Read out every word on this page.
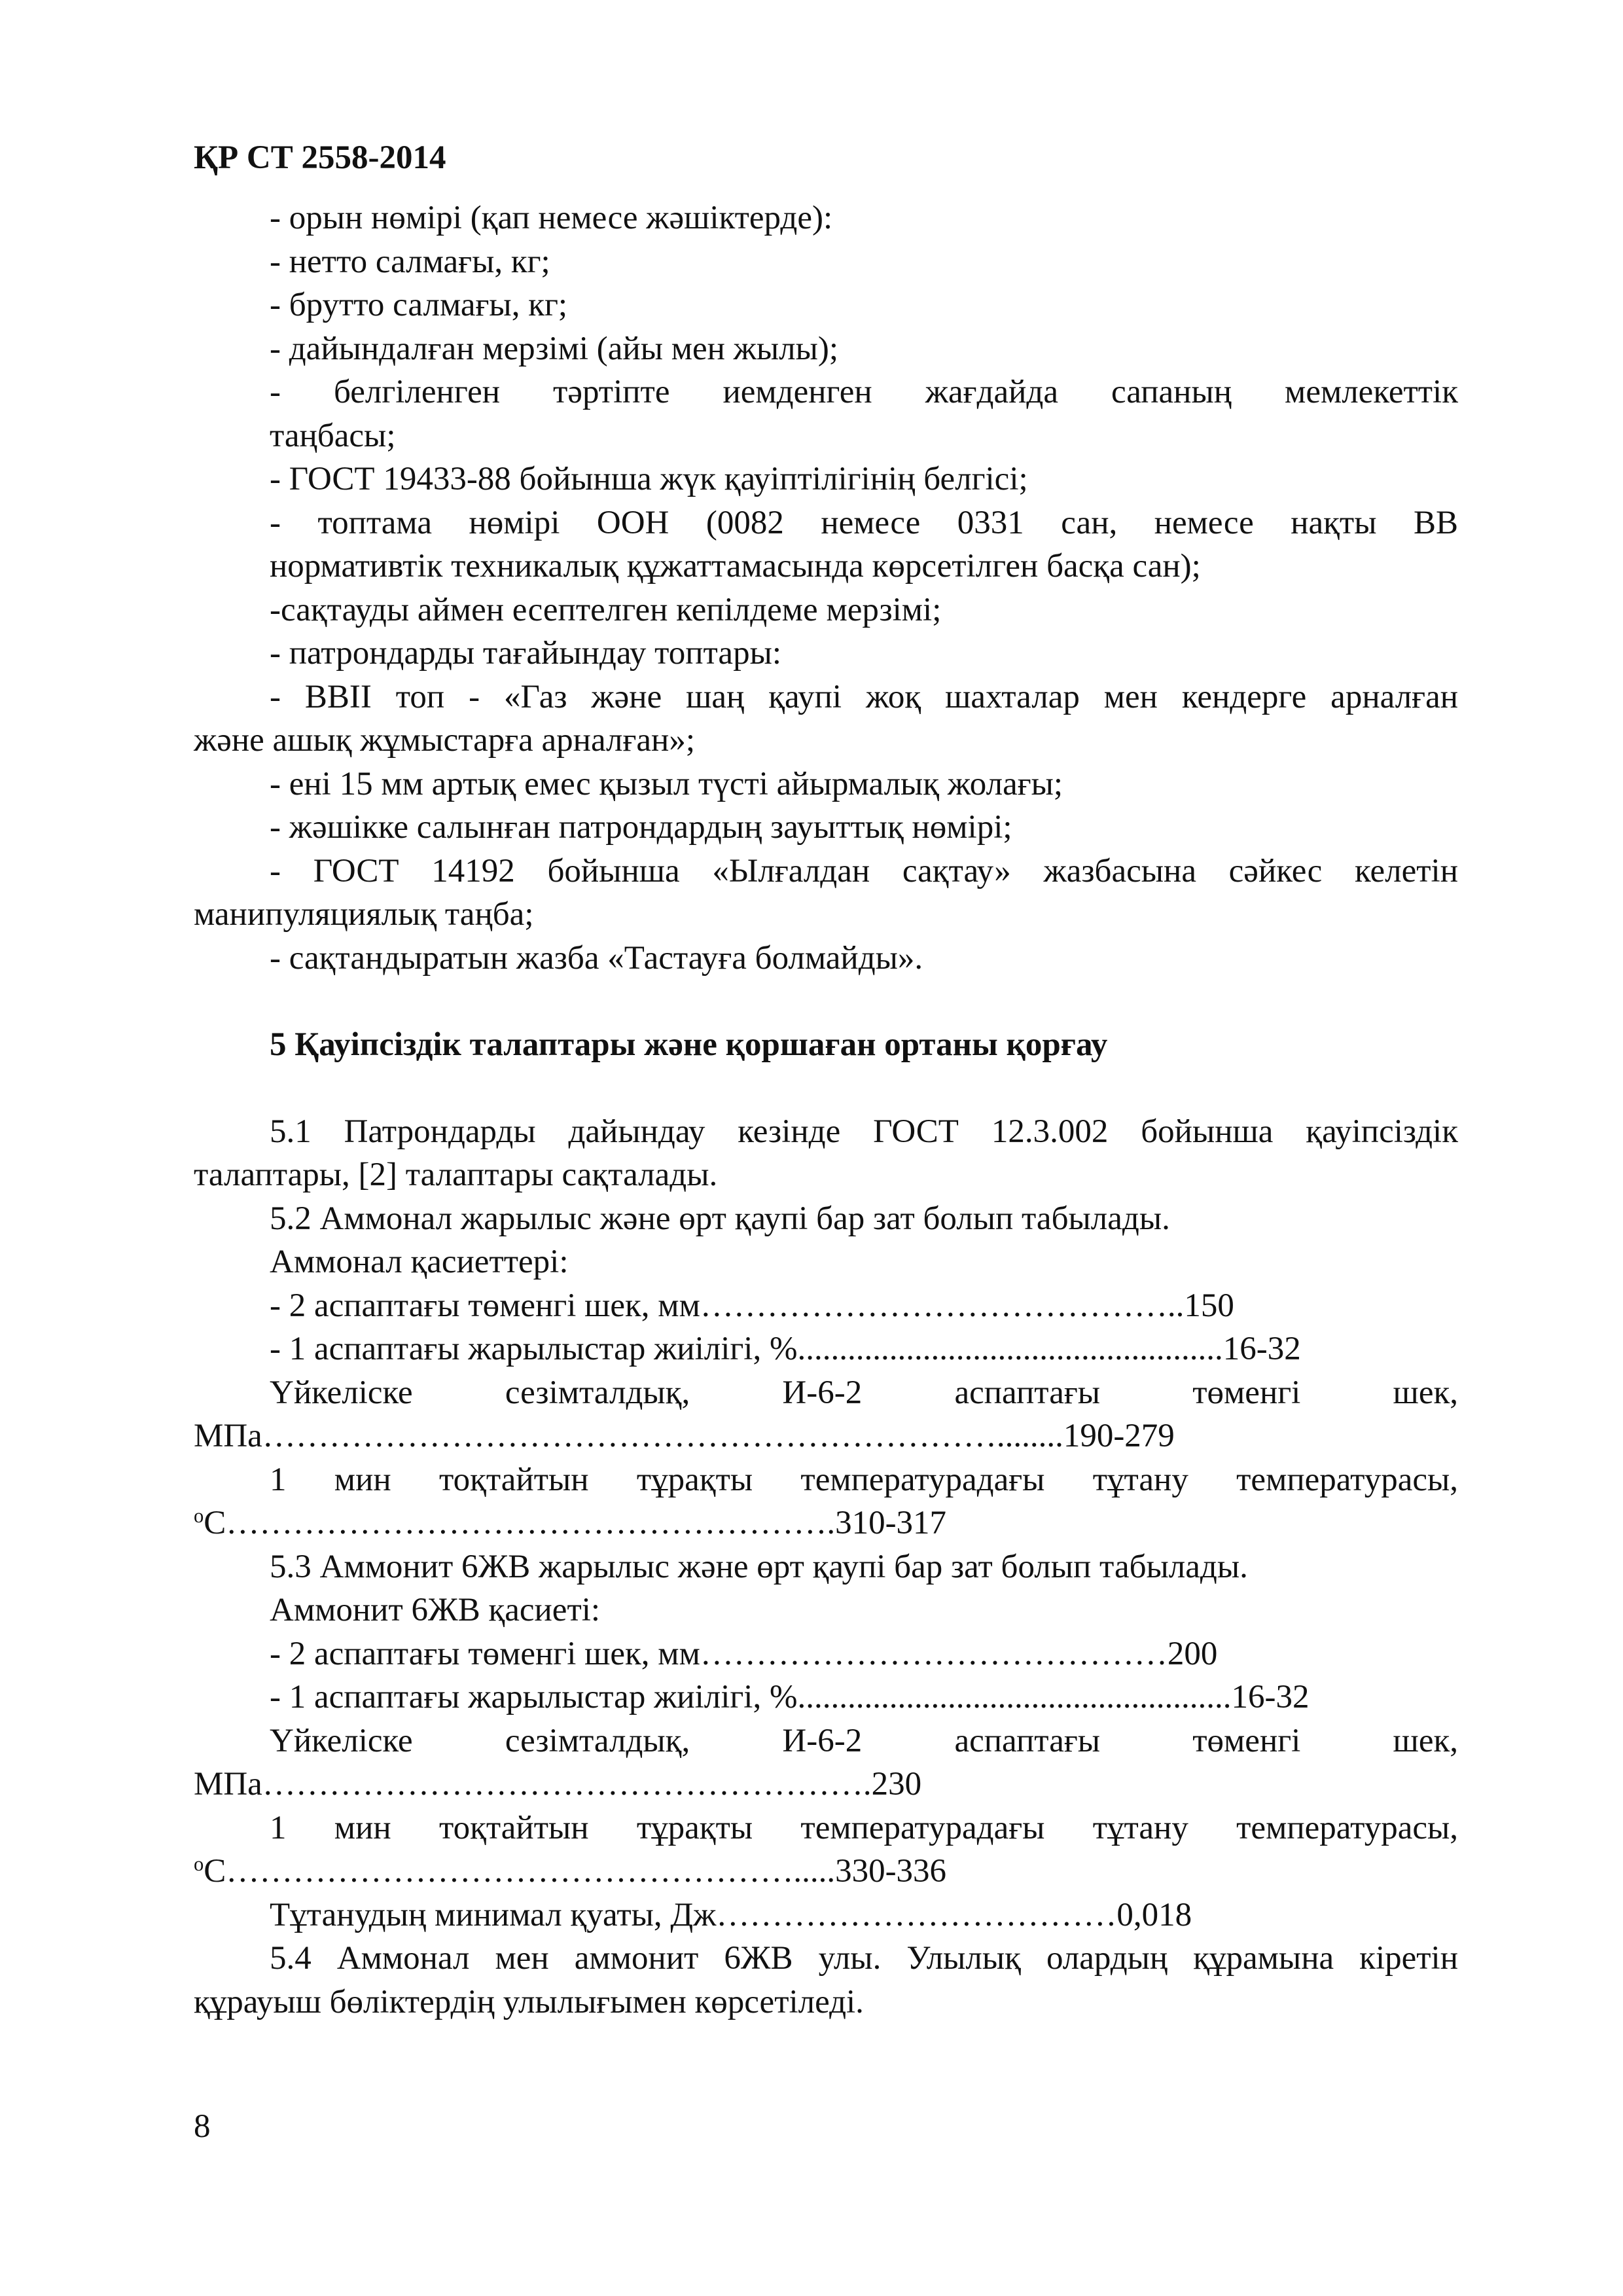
ҚР СТ 2558-2014

- орын нөмірі (қап немесе жәшіктерде):

- нетто салмағы, кг;

- брутто салмағы, кг;

- дайындалған мерзімі (айы мен жылы);

- белгіленген тәртіпте иемденген жағдайда сапаның мемлекеттік

таңбасы;

- ГОСТ 19433-88 бойынша жүк қауіптілігінің белгісі;

- топтама нөмірі ООН (0082 немесе 0331 сан, немесе нақты ВВ

нормативтік техникалық құжаттамасында көрсетілген басқа сан);

-сақтауды аймен есептелген кепілдеме мерзімі;

- патрондарды тағайындау топтары:

- ВВII топ - «Газ және шаң қаупі жоқ шахталар мен кендерге арналған

және ашық жұмыстарға арналған»;

- ені 15 мм артық емес қызыл түсті айырмалық жолағы;

- жәшікке салынған патрондардың зауыттық нөмірі;

- ГОСТ 14192 бойынша «Ылғалдан сақтау» жазбасына сәйкес келетін

манипуляциялық таңба;

- сақтандыратын жазба «Тастауға болмайды».

5 Қауіпсіздік талаптары және қоршаған ортаны қорғау

5.1 Патрондарды дайындау кезінде ГОСТ 12.3.002 бойынша қауіпсіздік

талаптары, [2] талаптары сақталады.

5.2 Аммонал жарылыс және өрт қаупі бар зат болып табылады.

Аммонал қасиеттері:

- 2 аспаптағы төменгі шек, мм……………………………………..150

- 1 аспаптағы жарылыстар жиілігі, %...................................................16-32

Үйкеліске сезімталдық, И-6-2 аспаптағы төменгі шек,

МПа…………………………………………………………........190-279

1 мин тоқтайтын тұрақты температурадағы тұтану температурасы,

$^о$С……………………………………………….310-317

5.3 Аммонит 6ЖВ жарылыс және өрт қаупі бар зат болып табылады.

Аммонит 6ЖВ қасиеті:

- 2 аспаптағы төменгі шек, мм……………………………………200

- 1 аспаптағы жарылыстар жиілігі, %....................................................16-32

Үйкеліске сезімталдық, И-6-2 аспаптағы төменгі шек,

МПа……………………………………………….230

1 мин тоқтайтын тұрақты температурадағы тұтану температурасы,

$^о$С…………………………………………….....330-336

Тұтанудың минимал қуаты, Дж………………………………0,018

5.4 Аммонал мен аммонит 6ЖВ улы. Улылық олардың құрамына кіретін

құрауыш бөліктердің улылығымен көрсетіледі.

8
